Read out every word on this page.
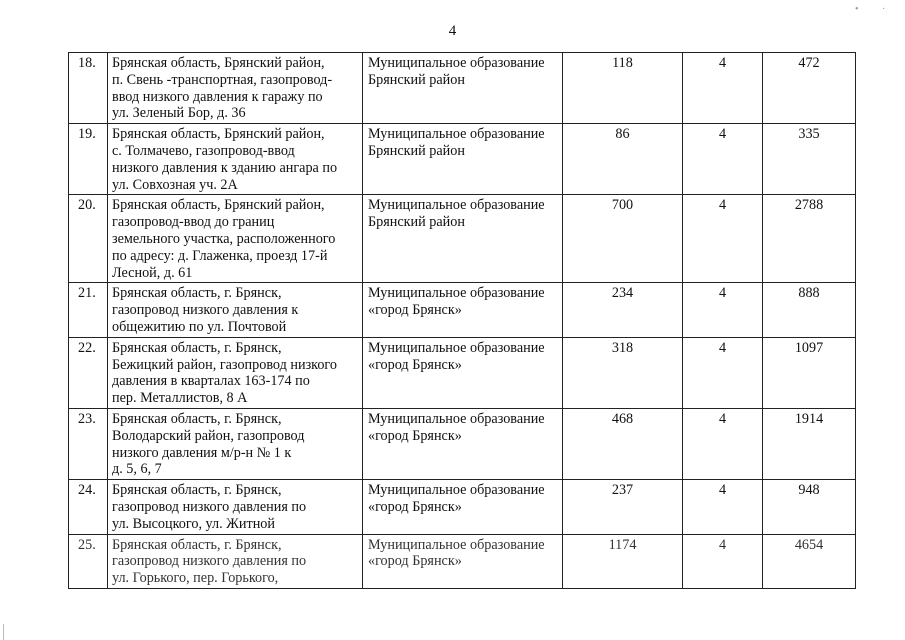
4
• ·
18.	Брянская область, Брянский район,
п. Свень -транспортная, газопровод-
ввод низкого давления к гаражу по
ул. Зеленый Бор, д. 36	Муниципальное образование
Брянский район	118	4	472
19.	Брянская область, Брянский район,
с. Толмачево, газопровод-ввод
низкого давления к зданию ангара по
ул. Совхозная уч. 2А	Муниципальное образование
Брянский район	86	4	335
20.	Брянская область, Брянский район,
газопровод-ввод до границ
земельного участка, расположенного
по адресу: д. Глаженка, проезд 17-й
Лесной, д. 61	Муниципальное образование
Брянский район	700	4	2788
21.	Брянская область, г. Брянск,
газопровод низкого давления к
общежитию по ул. Почтовой	Муниципальное образование
«город Брянск»	234	4	888
22.	Брянская область, г. Брянск,
Бежицкий район, газопровод низкого
давления в кварталах 163-174 по
пер. Металлистов, 8 А	Муниципальное образование
«город Брянск»	318	4	1097
23.	Брянская область, г. Брянск,
Володарский район, газопровод
низкого давления м/р-н № 1 к
д. 5, 6, 7	Муниципальное образование
«город Брянск»	468	4	1914
24.	Брянская область, г. Брянск,
газопровод низкого давления по
ул. Высоцкого, ул. Житной	Муниципальное образование
«город Брянск»	237	4	948
25.	Брянская область, г. Брянск,
газопровод низкого давления по
ул. Горького, пер. Горького,	Муниципальное образование
«город Брянск»	1174	4	4654
